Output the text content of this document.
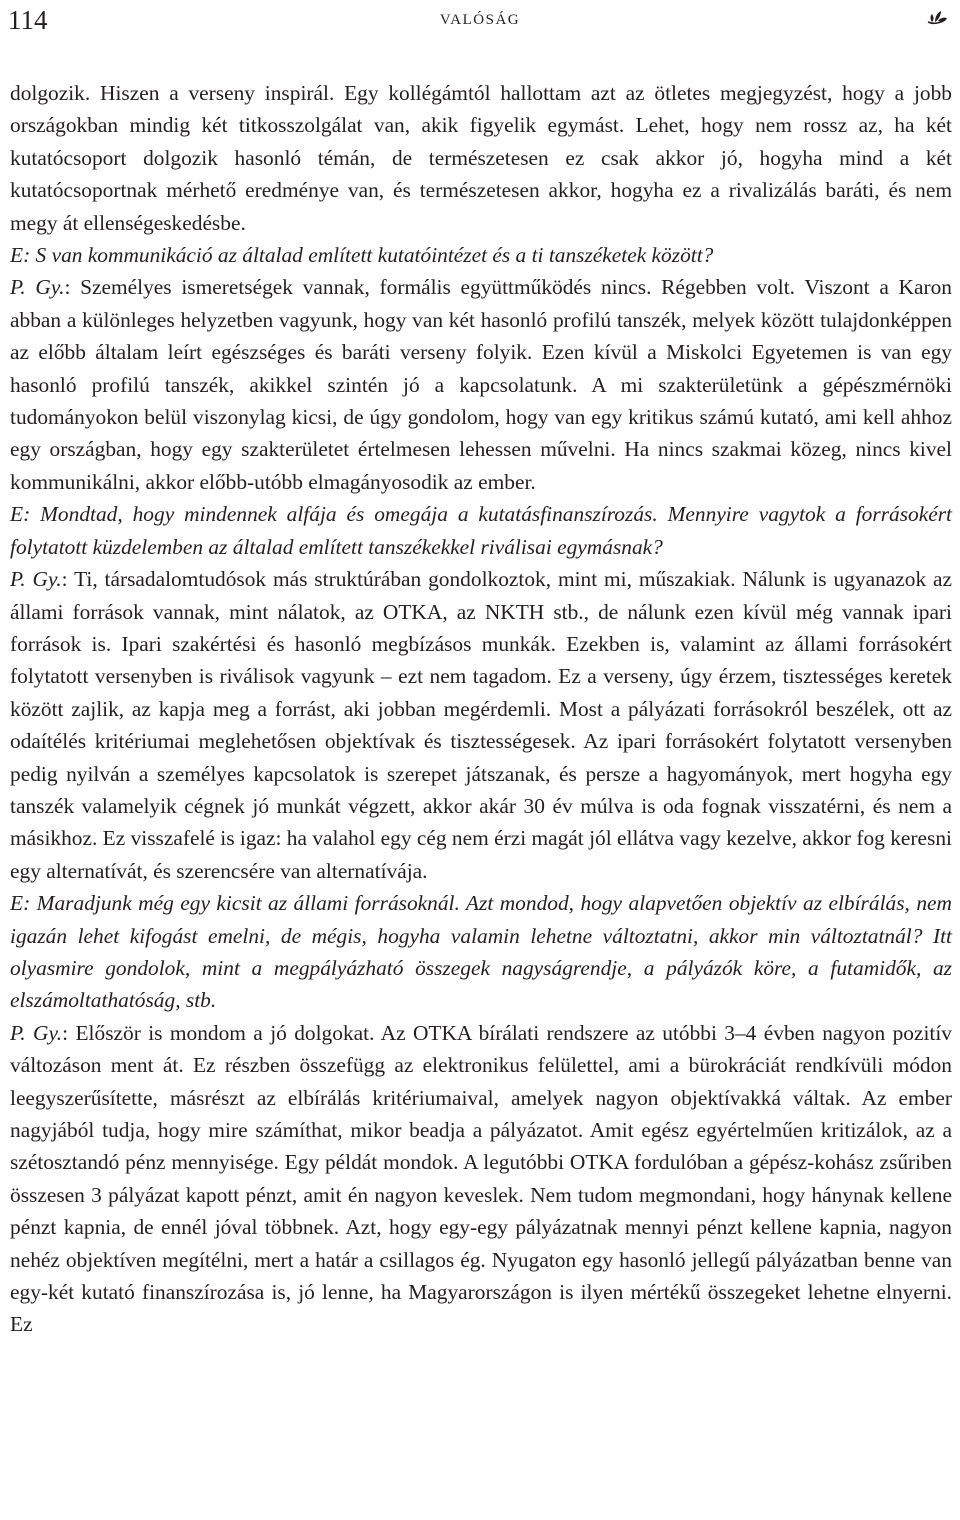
114	VALÓSÁG

dolgozik. Hiszen a verseny inspirál. Egy kollégámtól hallottam azt az ötletes megjegyzést, hogy a jobb országokban mindig két titkosszolgálat van, akik figyelik egymást. Lehet, hogy nem rossz az, ha két kutatócsoport dolgozik hasonló témán, de természetesen ez csak akkor jó, hogyha mind a két kutatócsoportnak mérhető eredménye van, és természetesen akkor, hogyha ez a rivalizálás baráti, és nem megy át ellenségeskedésbe.

E: S van kommunikáció az általad említett kutatóintézet és a ti tanszéketek között?

P. Gy.: Személyes ismeretségek vannak, formális együttműködés nincs. Régebben volt. Viszont a Karon abban a különleges helyzetben vagyunk, hogy van két hasonló profilú tanszék, melyek között tulajdonképpen az előbb általam leírt egészséges és baráti verseny folyik. Ezen kívül a Miskolci Egyetemen is van egy hasonló profilú tanszék, akikkel szintén jó a kapcsolatunk. A mi szakterületünk a gépészmérnöki tudományokon belül viszonylag kicsi, de úgy gondolom, hogy van egy kritikus számú kutató, ami kell ahhoz egy országban, hogy egy szakterületet értelmesen lehessen művelni. Ha nincs szakmai közeg, nincs kivel kommunikálni, akkor előbb-utóbb elmagányosodik az ember.

E: Mondtad, hogy mindennek alfája és omegája a kutatásfinanszírozás. Mennyire vagytok a forrásokért folytatott küzdelemben az általad említett tanszékekkel riválisai egymásnak?

P. Gy.: Ti, társadalomtudósok más struktúrában gondolkoztok, mint mi, műszakiak. Nálunk is ugyanazok az állami források vannak, mint nálatok, az OTKA, az NKTH stb., de nálunk ezen kívül még vannak ipari források is. Ipari szakértési és hasonló megbízásos munkák. Ezekben is, valamint az állami forrásokért folytatott versenyben is riválisok vagyunk – ezt nem tagadom. Ez a verseny, úgy érzem, tisztességes keretek között zajlik, az kapja meg a forrást, aki jobban megérdemli. Most a pályázati forrásokról beszélek, ott az odaítélés kritériumai meglehetősen objektívak és tisztességesek. Az ipari forrásokért folytatott versenyben pedig nyilván a személyes kapcsolatok is szerepet játszanak, és persze a hagyományok, mert hogyha egy tanszék valamelyik cégnek jó munkát végzett, akkor akár 30 év múlva is oda fognak visszatérni, és nem a másikhoz. Ez visszafelé is igaz: ha valahol egy cég nem érzi magát jól ellátva vagy kezelve, akkor fog keresni egy alternatívát, és szerencsére van alternatívája.

E: Maradjunk még egy kicsit az állami forrásoknál. Azt mondod, hogy alapvetően objektív az elbírálás, nem igazán lehet kifogást emelni, de mégis, hogyha valamin lehetne változtatni, akkor min változtatnál? Itt olyasmire gondolok, mint a megpályázható összegek nagyságrendje, a pályázók köre, a futamidők, az elszámoltathatóság, stb.

P. Gy.: Először is mondom a jó dolgokat. Az OTKA bírálati rendszere az utóbbi 3–4 évben nagyon pozitív változáson ment át. Ez részben összefügg az elektronikus felülettel, ami a bürokráciát rendkívüli módon leegyszerűsítette, másrészt az elbírálás kritériumaival, amelyek nagyon objektívakká váltak. Az ember nagyjából tudja, hogy mire számíthat, mikor beadja a pályázatot. Amit egész egyértelműen kritizálok, az a szétosztandó pénz mennyisége. Egy példát mondok. A legutóbbi OTKA fordulóban a gépész-kohász zsűriben összesen 3 pályázat kapott pénzt, amit én nagyon keveslek. Nem tudom megmondani, hogy hánynak kellene pénzt kapnia, de ennél jóval többnek. Azt, hogy egy-egy pályázatnak mennyi pénzt kellene kapnia, nagyon nehéz objektíven megítélni, mert a határ a csillagos ég. Nyugaton egy hasonló jellegű pályázatban benne van egy-két kutató finanszírozása is, jó lenne, ha Magyarországon is ilyen mértékű összegeket lehetne elnyerni. Ez
